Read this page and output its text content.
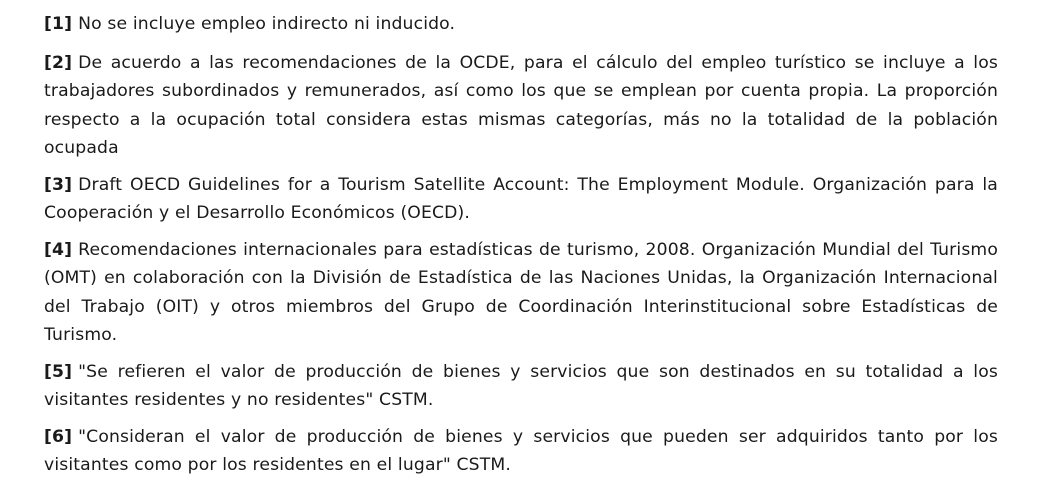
[1] No se incluye empleo indirecto ni inducido.

[2] De acuerdo a las recomendaciones de la OCDE, para el cálculo del empleo turístico se incluye a los trabajadores subordinados y remunerados, así como los que se emplean por cuenta propia. La proporción respecto a la ocupación total considera estas mismas categorías, más no la totalidad de la población ocupada

[3] Draft OECD Guidelines for a Tourism Satellite Account: The Employment Module. Organización para la Cooperación y el Desarrollo Económicos (OECD).

[4] Recomendaciones internacionales para estadísticas de turismo, 2008. Organización Mundial del Turismo (OMT) en colaboración con la División de Estadística de las Naciones Unidas, la Organización Internacional del Trabajo (OIT) y otros miembros del Grupo de Coordinación Interinstitucional sobre Estadísticas de Turismo.

[5] "Se refieren el valor de producción de bienes y servicios que son destinados en su totalidad a los visitantes residentes y no residentes" CSTM.

[6] "Consideran el valor de producción de bienes y servicios que pueden ser adquiridos tanto por los visitantes como por los residentes en el lugar" CSTM.
